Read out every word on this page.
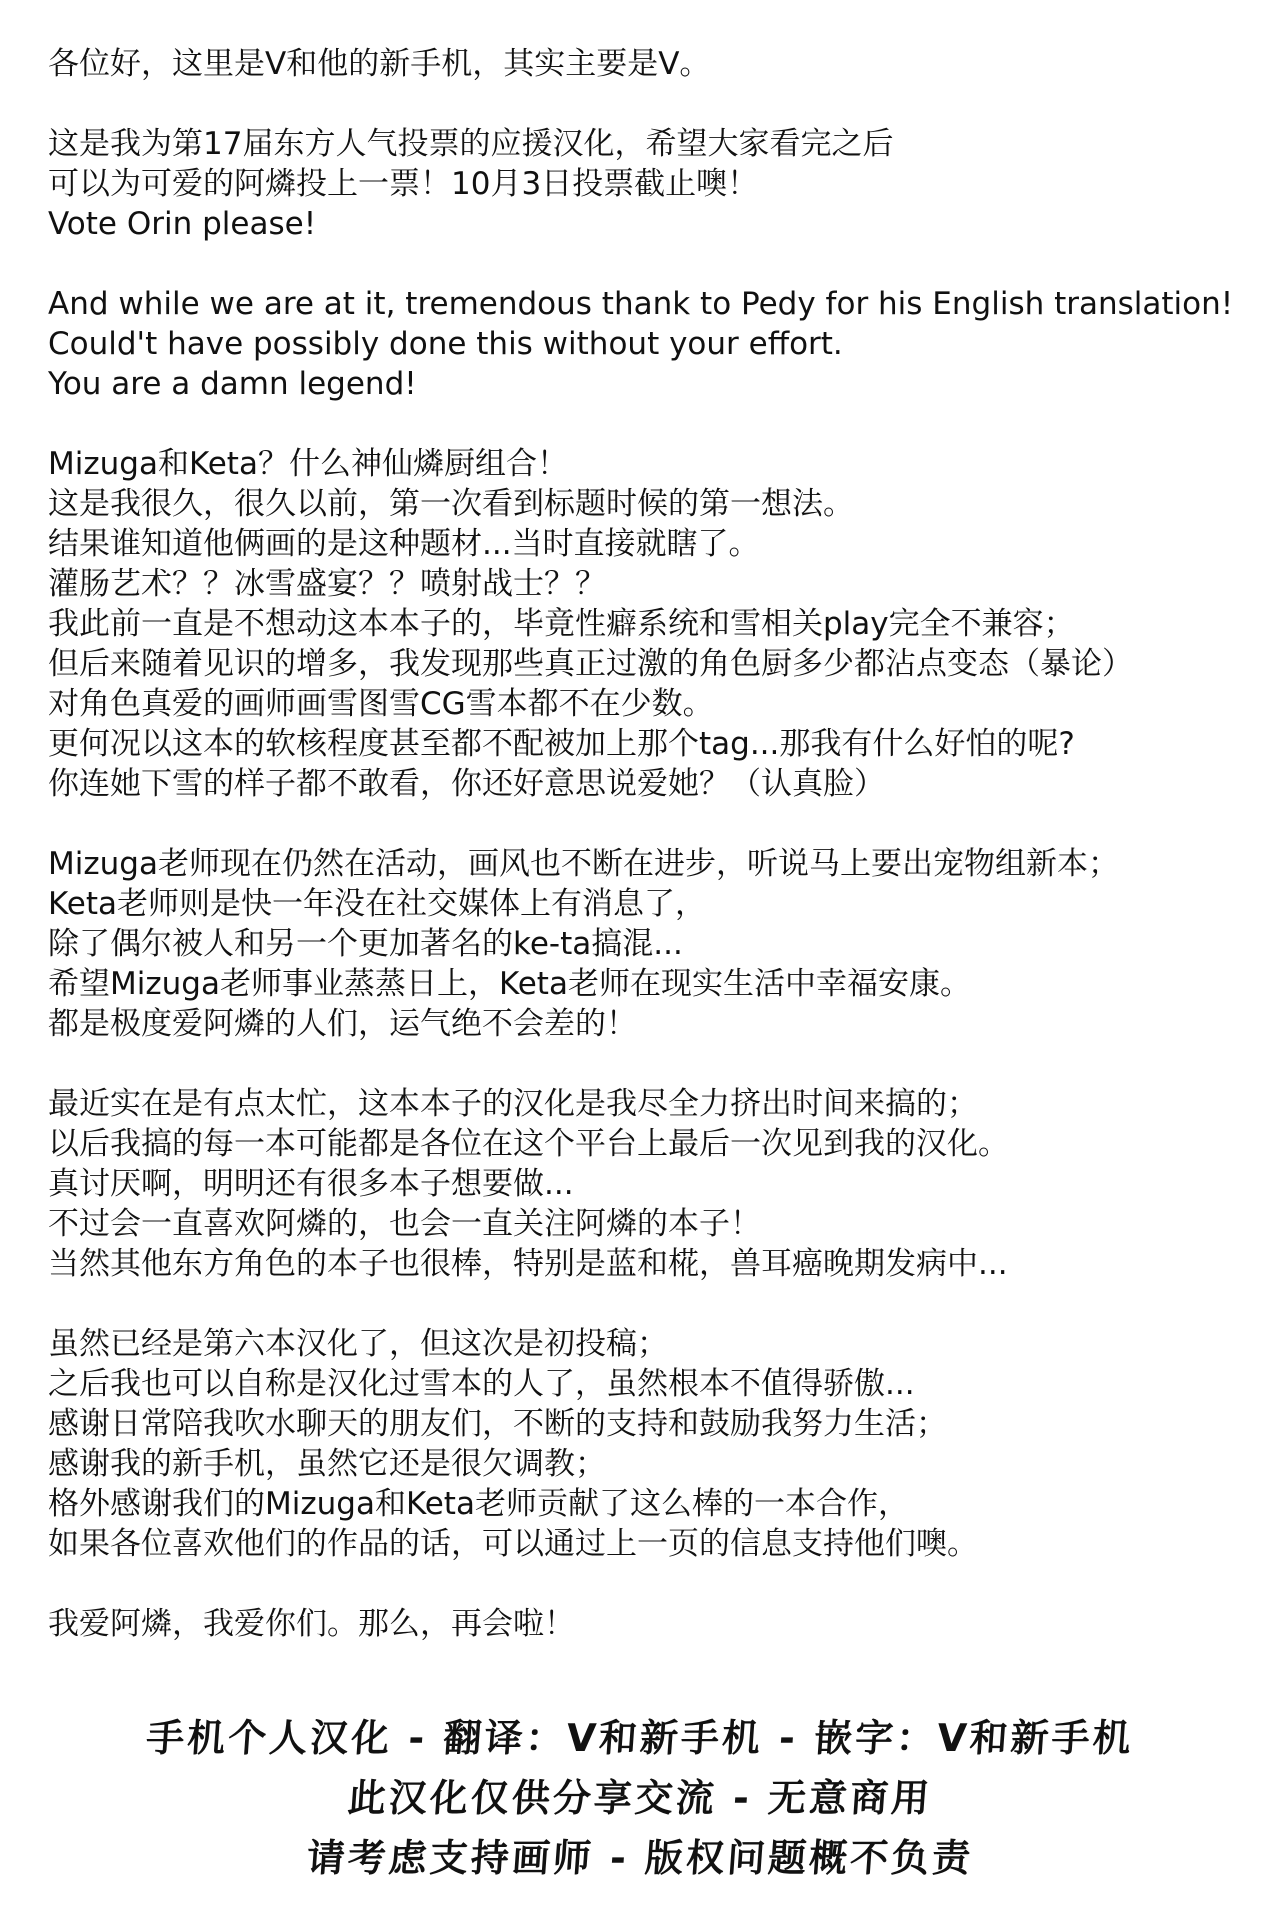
各位好，这里是V和他的新手机，其实主要是V。
这是我为第17届东方人气投票的应援汉化，希望大家看完之后
可以为可爱的阿燐投上一票！10月3日投票截止噢！
Vote Orin please!
And while we are at it, tremendous thank to Pedy for his English translation!
Could't have possibly done this without your effort.
You are a damn legend!
Mizuga和Keta？什么神仙燐厨组合！
这是我很久，很久以前，第一次看到标题时候的第一想法。
结果谁知道他俩画的是这种题材...当时直接就瞎了。
灌肠艺术？？冰雪盛宴？？喷射战士？？
我此前一直是不想动这本本子的，毕竟性癖系统和雪相关play完全不兼容；
但后来随着见识的增多，我发现那些真正过激的角色厨多少都沾点变态（暴论）
对角色真爱的画师画雪图雪CG雪本都不在少数。
更何况以这本的软核程度甚至都不配被加上那个tag...那我有什么好怕的呢?
你连她下雪的样子都不敢看，你还好意思说爱她？（认真脸）
Mizuga老师现在仍然在活动，画风也不断在进步，听说马上要出宠物组新本；
Keta老师则是快一年没在社交媒体上有消息了，
除了偶尔被人和另一个更加著名的ke-ta搞混...
希望Mizuga老师事业蒸蒸日上，Keta老师在现实生活中幸福安康。
都是极度爱阿燐的人们，运气绝不会差的！
最近实在是有点太忙，这本本子的汉化是我尽全力挤出时间来搞的；
以后我搞的每一本可能都是各位在这个平台上最后一次见到我的汉化。
真讨厌啊，明明还有很多本子想要做...
不过会一直喜欢阿燐的，也会一直关注阿燐的本子！
当然其他东方角色的本子也很棒，特别是蓝和椛，兽耳癌晚期发病中...
虽然已经是第六本汉化了，但这次是初投稿；
之后我也可以自称是汉化过雪本的人了，虽然根本不值得骄傲...
感谢日常陪我吹水聊天的朋友们，不断的支持和鼓励我努力生活；
感谢我的新手机，虽然它还是很欠调教；
格外感谢我们的Mizuga和Keta老师贡献了这么棒的一本合作，
如果各位喜欢他们的作品的话，可以通过上一页的信息支持他们噢。
我爱阿燐，我爱你们。那么，再会啦！
手机个人汉化 - 翻译：V和新手机 - 嵌字：V和新手机
此汉化仅供分享交流 - 无意商用
请考虑支持画师 - 版权问题概不负责
